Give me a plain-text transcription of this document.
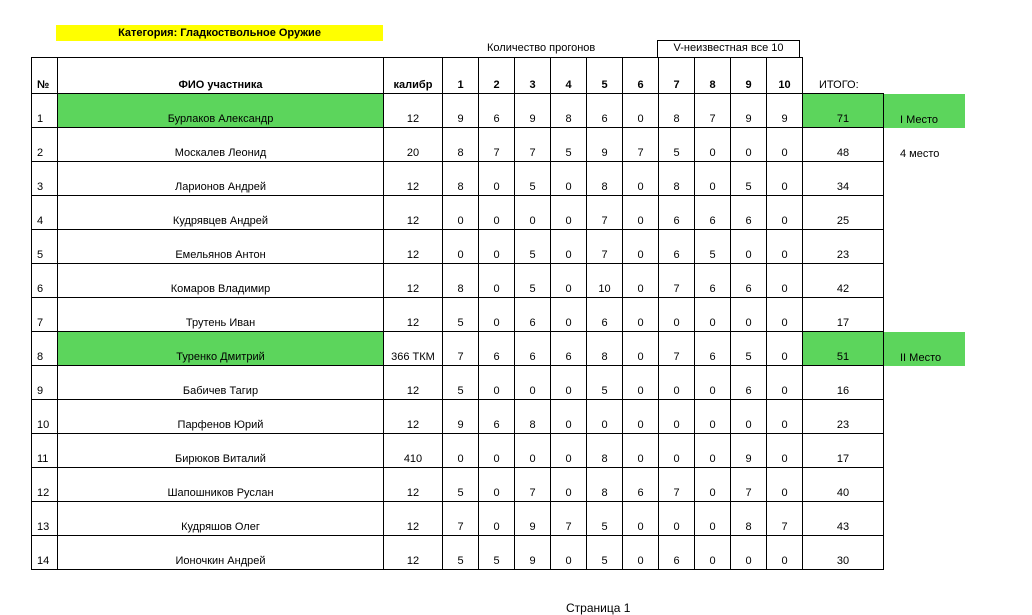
Категория: Гладкоствольное Оружие
Количество прогонов	V-неизвестная все 10
№	ФИО участника	калибр	1	2	3	4	5	6	7	8	9	10	ИТОГО:	
1	Бурлаков Александр	12	9	6	9	8	6	0	8	7	9	9	71	I Место
2	Москалев Леонид	20	8	7	7	5	9	7	5	0	0	0	48	4 место
3	Ларионов Андрей	12	8	0	5	0	8	0	8	0	5	0	34	
4	Кудрявцев Андрей	12	0	0	0	0	7	0	6	6	6	0	25	
5	Емельянов Антон	12	0	0	5	0	7	0	6	5	0	0	23	
6	Комаров Владимир	12	8	0	5	0	10	0	7	6	6	0	42	
7	Трутень Иван	12	5	0	6	0	6	0	0	0	0	0	17	
8	Туренко Дмитрий	366 ТКМ	7	6	6	6	8	0	7	6	5	0	51	II Место
9	Бабичев Тагир	12	5	0	0	0	5	0	0	0	6	0	16	
10	Парфенов Юрий	12	9	6	8	0	0	0	0	0	0	0	23	
11	Бирюков Виталий	410	0	0	0	0	8	0	0	0	9	0	17	
12	Шапошников Руслан	12	5	0	7	0	8	6	7	0	7	0	40	
13	Кудряшов Олег	12	7	0	9	7	5	0	0	0	8	7	43	
14	Ионочкин Андрей	12	5	5	9	0	5	0	6	0	0	0	30	
Страница 1
